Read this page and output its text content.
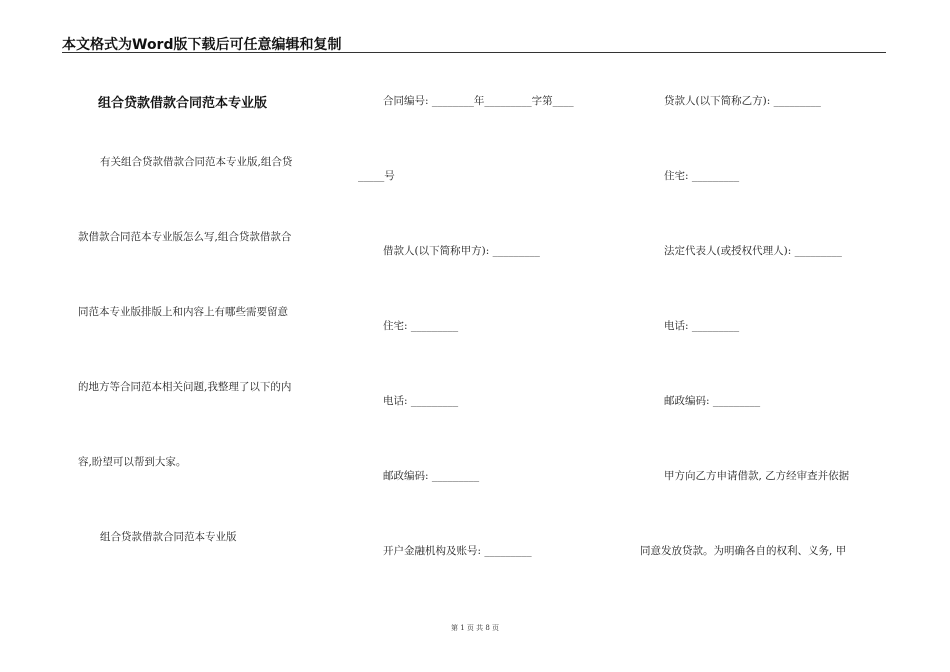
本文格式为Word版下载后可任意编辑和复制
组合贷款借款合同范本专业版
有关组合贷款借款合同范本专业版,组合贷
款借款合同范本专业版怎么写,组合贷款借款合
同范本专业版排版上和内容上有哪些需要留意
的地方等合同范本相关问题,我整理了以下的内
容,盼望可以帮到大家。
组合贷款借款合同范本专业版
合同编号: ________年_________字第____
_____号
借款人(以下简称甲方): _________
住宅: _________
电话: _________
邮政编码: _________
开户金融机构及账号: _________
贷款人(以下简称乙方): _________
住宅: _________
法定代表人(或授权代理人): _________
电话: _________
邮政编码: _________
甲方向乙方申请借款, 乙方经审查并依据
同意发放贷款。为明确各自的权利、义务, 甲
第 1 页 共 8 页
